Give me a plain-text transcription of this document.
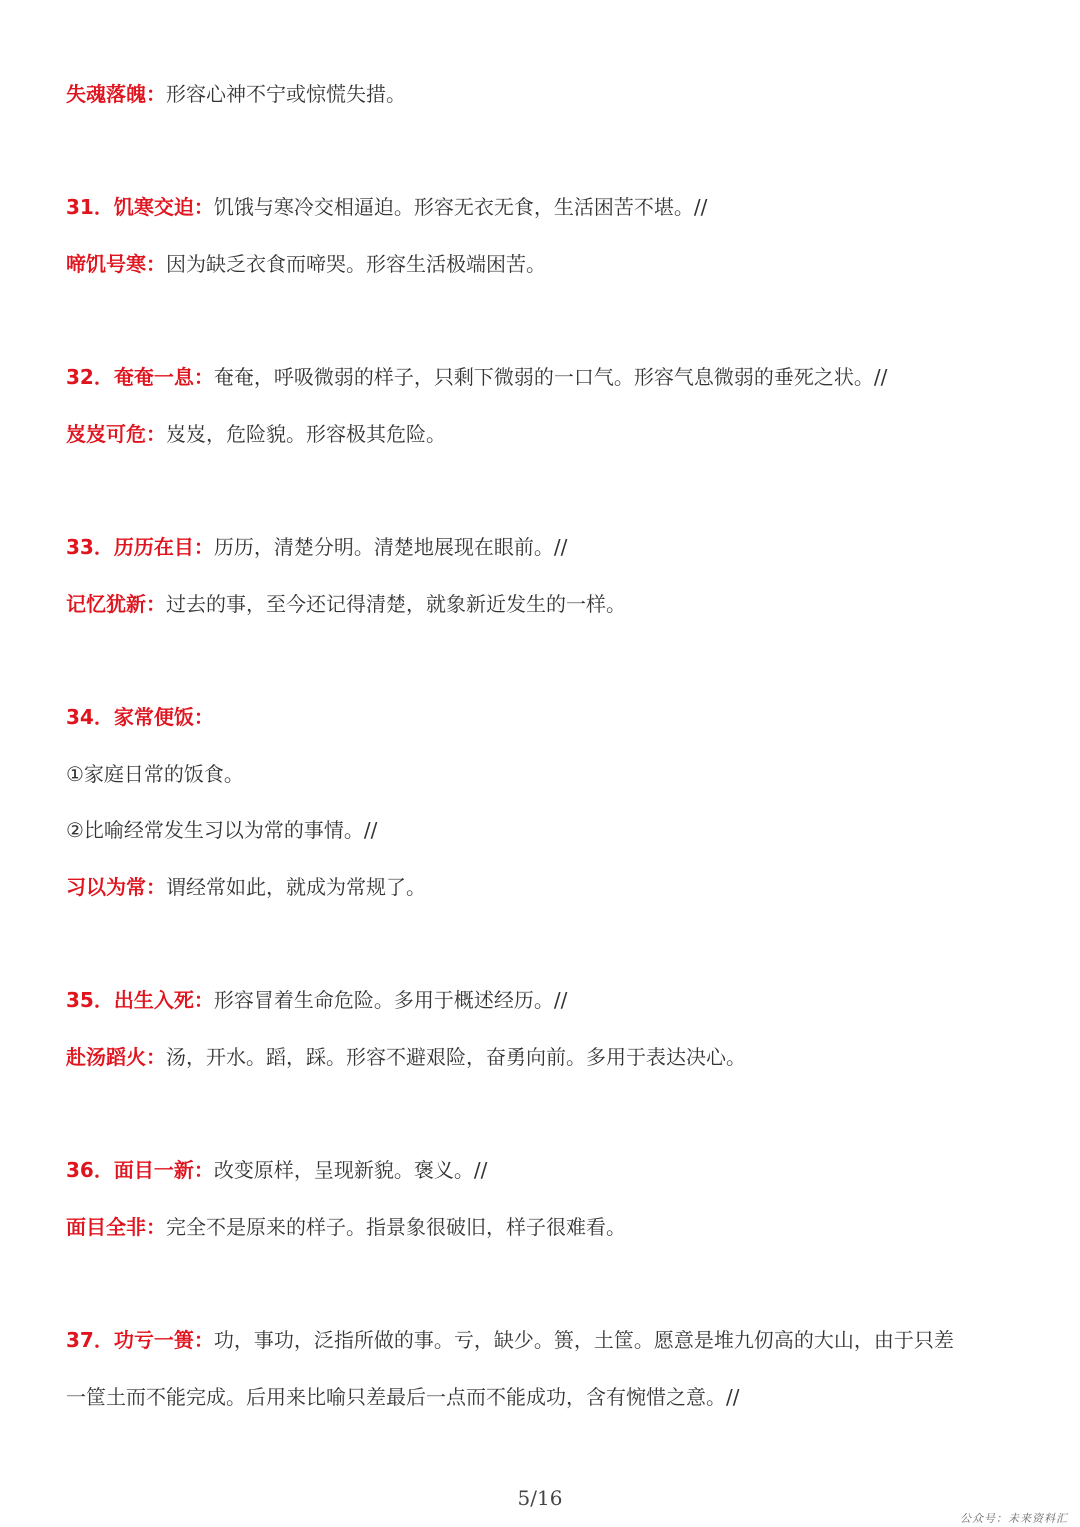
失魂落魄：形容心神不宁或惊慌失措。
31．饥寒交迫：饥饿与寒冷交相逼迫。形容无衣无食，生活困苦不堪。//
啼饥号寒：因为缺乏衣食而啼哭。形容生活极端困苦。
32．奄奄一息：奄奄，呼吸微弱的样子，只剩下微弱的一口气。形容气息微弱的垂死之状。//
岌岌可危：岌岌，危险貌。形容极其危险。
33．历历在目：历历，清楚分明。清楚地展现在眼前。//
记忆犹新：过去的事，至今还记得清楚，就象新近发生的一样。
34．家常便饭：
①家庭日常的饭食。
②比喻经常发生习以为常的事情。//
习以为常：谓经常如此，就成为常规了。
35．出生入死：形容冒着生命危险。多用于概述经历。//
赴汤蹈火：汤，开水。蹈，踩。形容不避艰险，奋勇向前。多用于表达决心。
36．面目一新：改变原样，呈现新貌。褒义。//
面目全非：完全不是原来的样子。指景象很破旧，样子很难看。
37．功亏一篑：功，事功，泛指所做的事。亏，缺少。篑，土筐。愿意是堆九仞高的大山，由于只差
一筐土而不能完成。后用来比喻只差最后一点而不能成功，含有惋惜之意。//
5/16
公众号：未来资料汇
